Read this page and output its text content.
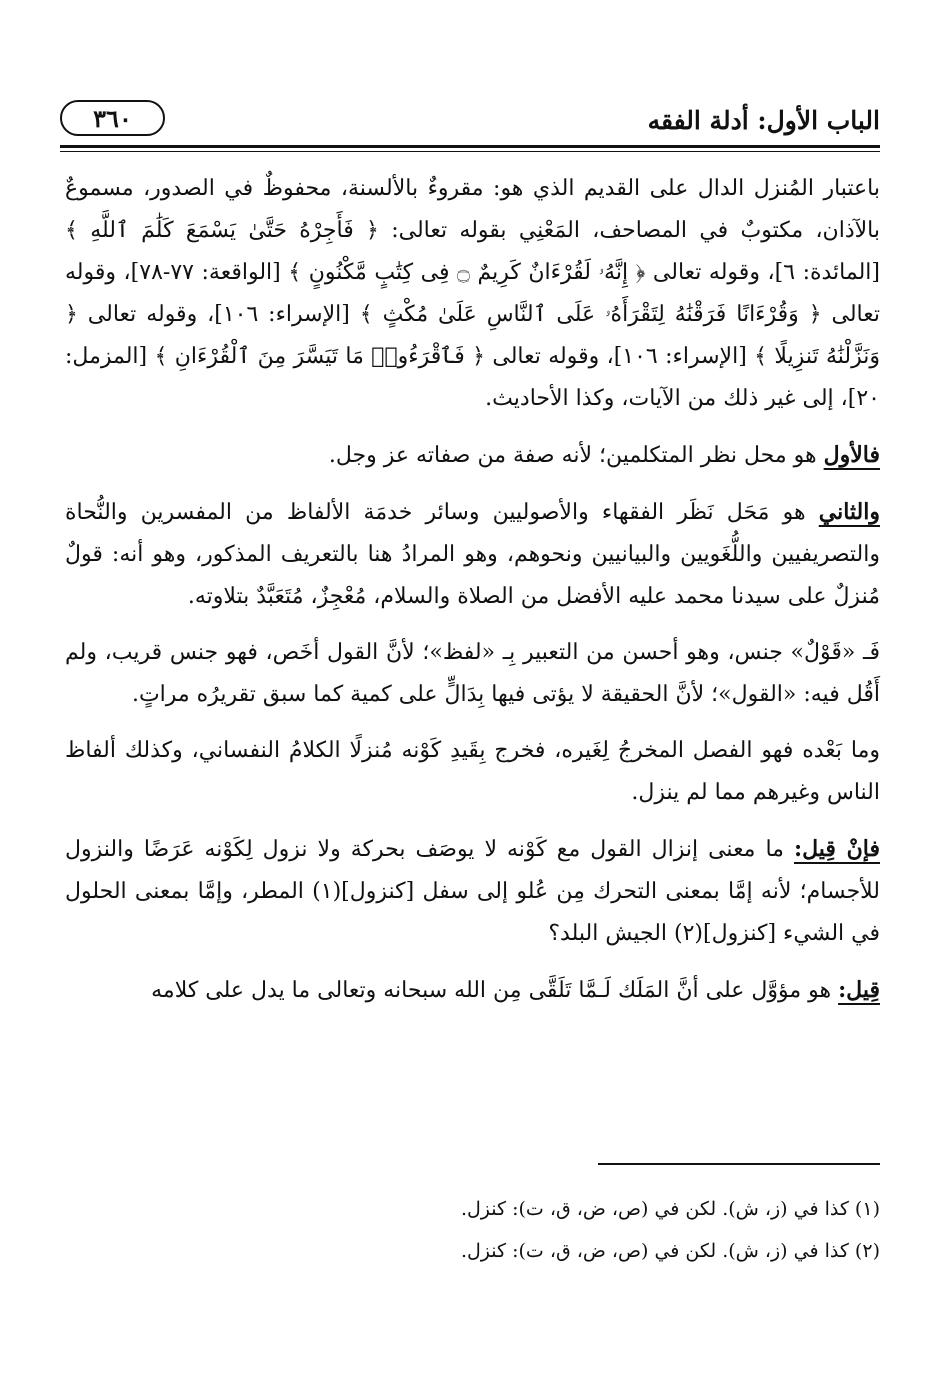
الباب الأول: أدلة الفقه
٣٦٠

باعتبار المُنزل الدال على القديم الذي هو: مقروءٌ بالألسنة، محفوظٌ في الصدور، مسموعٌ بالآذان، مكتوبٌ في المصاحف، المَعْنِي بقوله تعالى: ﴿ فَأَجِرْهُ حَتَّىٰ يَسْمَعَ كَلَٰمَ ٱللَّهِ ﴾ [المائدة: ٦]، وقوله تعالى ﴿ إِنَّهُۥ لَقُرْءَانٌ كَرِيمٌ ۝ فِى كِتَٰبٍ مَّكْنُونٍ ﴾ [الواقعة: ٧٧-٧٨]، وقوله تعالى ﴿ وَقُرْءَانًا فَرَقْنَٰهُ لِتَقْرَأَهُۥ عَلَى ٱلنَّاسِ عَلَىٰ مُكْثٍ ﴾ [الإسراء: ١٠٦]، وقوله تعالى ﴿ وَنَزَّلْنَٰهُ تَنزِيلًا ﴾ [الإسراء: ١٠٦]، وقوله تعالى ﴿ فَٱقْرَءُوا۟ مَا تَيَسَّرَ مِنَ ٱلْقُرْءَانِ ﴾ [المزمل: ٢٠]، إلى غير ذلك من الآيات، وكذا الأحاديث.

فالأول هو محل نظر المتكلمين؛ لأنه صفة من صفاته عز وجل.

والثاني هو مَحَل نَظَر الفقهاء والأصوليين وسائر خدمَة الألفاظ من المفسرين والنُّحاة والتصريفيين واللُّغَويين والبيانيين ونحوهم، وهو المرادُ هنا بالتعريف المذكور، وهو أنه: قولٌ مُنزلٌ على سيدنا محمد عليه الأفضل من الصلاة والسلام، مُعْجِزٌ، مُتَعَبَّدٌ بتلاوته.

فَـ «قَوْلٌ» جنس، وهو أحسن من التعبير بِـ «لفظ»؛ لأنَّ القول أخَص، فهو جنس قريب، ولم أَقُل فيه: «القول»؛ لأنَّ الحقيقة لا يؤتى فيها بِدَالٍّ على كمية كما سبق تقريرُه مراتٍ.

وما بَعْده فهو الفصل المخرجُ لِغَيره، فخرج بِقَيدِ كَوْنه مُنزلًا الكلامُ النفساني، وكذلك ألفاظ الناس وغيرهم مما لم ينزل.

فإنْ قِيل: ما معنى إنزال القول مع كَوْنه لا يوصَف بحركة ولا نزول لِكَوْنه عَرَضًا والنزول للأجسام؛ لأنه إمَّا بمعنى التحرك مِن عُلو إلى سفل [كنزول](١) المطر، وإمَّا بمعنى الحلول في الشيء [كنزول](٢) الجيش البلد؟

قِيل: هو مؤوَّل على أنَّ المَلَك لَـمَّا تَلَقَّى مِن الله سبحانه وتعالى ما يدل على كلامه

(١) كذا في (ز، ش). لكن في (ص، ض، ق، ت): كنزل.
(٢) كذا في (ز، ش). لكن في (ص، ض، ق، ت): كنزل.
